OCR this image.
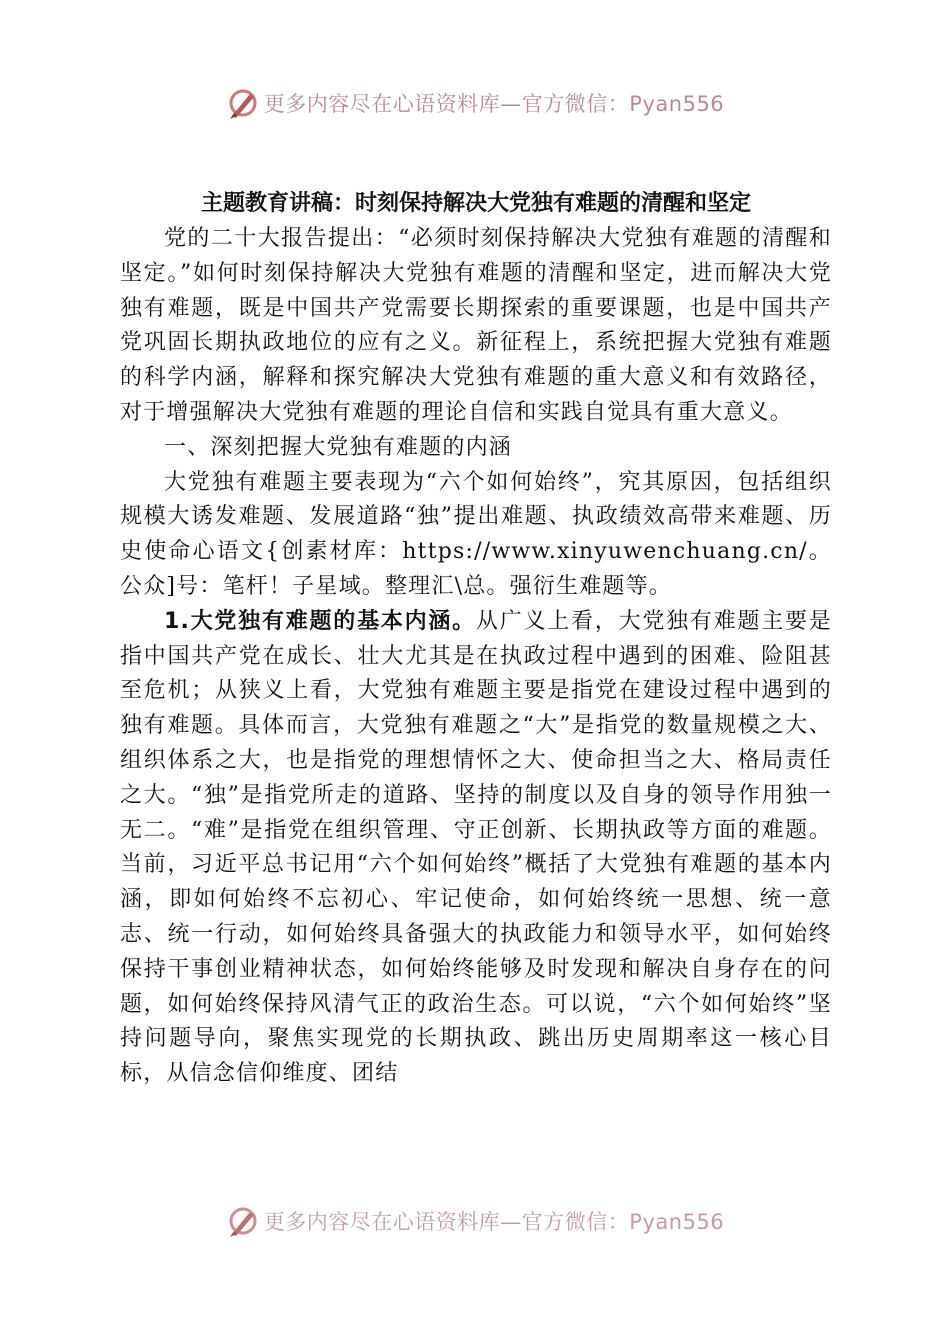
更多内容尽在心语资料库—官方微信：Pyan556
主题教育讲稿：时刻保持解决大党独有难题的清醒和坚定

党的二十大报告提出：“必须时刻保持解决大党独有难题的清醒和坚定。”如何时刻保持解决大党独有难题的清醒和坚定，进而解决大党独有难题，既是中国共产党需要长期探索的重要课题，也是中国共产党巩固长期执政地位的应有之义。新征程上，系统把握大党独有难题的科学内涵，解释和探究解决大党独有难题的重大意义和有效路径，对于增强解决大党独有难题的理论自信和实践自觉具有重大意义。

一、深刻把握大党独有难题的内涵

大党独有难题主要表现为“六个如何始终”，究其原因，包括组织规模大诱发难题、发展道路“独”提出难题、执政绩效高带来难题、历史使命心语文{创素材库：https://www.xinyuwenchuang.cn/。公众]号：笔杆！子星域。整理汇\总。强衍生难题等。

1.大党独有难题的基本内涵。从广义上看，大党独有难题主要是指中国共产党在成长、壮大尤其是在执政过程中遇到的困难、险阻甚至危机；从狭义上看，大党独有难题主要是指党在建设过程中遇到的独有难题。具体而言，大党独有难题之“大”是指党的数量规模之大、组织体系之大，也是指党的理想情怀之大、使命担当之大、格局责任之大。“独”是指党所走的道路、坚持的制度以及自身的领导作用独一无二。“难”是指党在组织管理、守正创新、长期执政等方面的难题。当前，习近平总书记用“六个如何始终”概括了大党独有难题的基本内涵，即如何始终不忘初心、牢记使命，如何始终统一思想、统一意志、统一行动，如何始终具备强大的执政能力和领导水平，如何始终保持干事创业精神状态，如何始终能够及时发现和解决自身存在的问题，如何始终保持风清气正的政治生态。可以说，“六个如何始终”坚持问题导向，聚焦实现党的长期执政、跳出历史周期率这一核心目标，从信念信仰维度、团结

更多内容尽在心语资料库—官方微信：Pyan556
